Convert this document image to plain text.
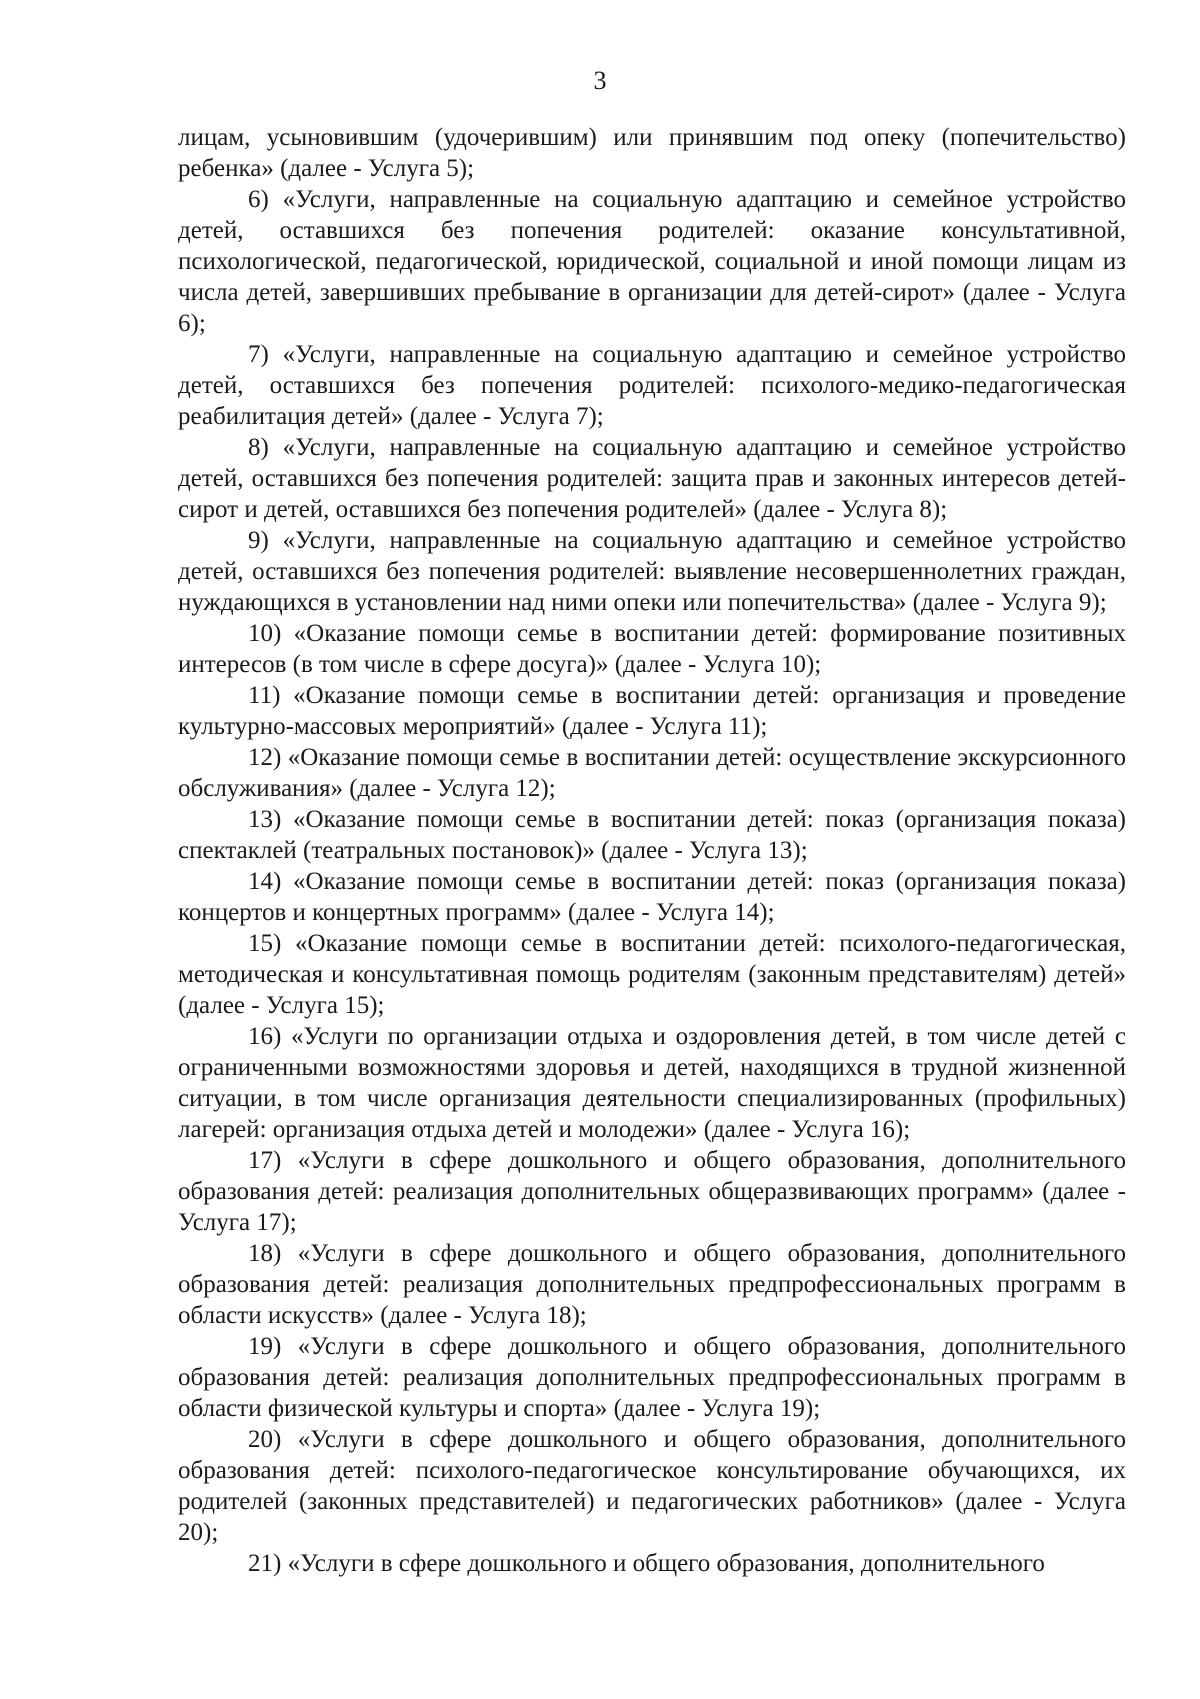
3

лицам, усыновившим (удочерившим) или принявшим под опеку (попечительство) ребенка» (далее - Услуга 5);

6) «Услуги, направленные на социальную адаптацию и семейное устройство детей, оставшихся без попечения родителей: оказание консультативной, психологической, педагогической, юридической, социальной и иной помощи лицам из числа детей, завершивших пребывание в организации для детей-сирот» (далее - Услуга 6);

7) «Услуги, направленные на социальную адаптацию и семейное устройство детей, оставшихся без попечения родителей: психолого-медико-педагогическая реабилитация детей» (далее - Услуга 7);

8) «Услуги, направленные на социальную адаптацию и семейное устройство детей, оставшихся без попечения родителей: защита прав и законных интересов детей-сирот и детей, оставшихся без попечения родителей» (далее - Услуга 8);

9) «Услуги, направленные на социальную адаптацию и семейное устройство детей, оставшихся без попечения родителей: выявление несовершеннолетних граждан, нуждающихся в установлении над ними опеки или попечительства» (далее - Услуга 9);

10) «Оказание помощи семье в воспитании детей: формирование позитивных интересов (в том числе в сфере досуга)» (далее - Услуга 10);

11) «Оказание помощи семье в воспитании детей: организация и проведение культурно-массовых мероприятий» (далее - Услуга 11);

12) «Оказание помощи семье в воспитании детей: осуществление экскурсионного обслуживания» (далее - Услуга 12);

13) «Оказание помощи семье в воспитании детей: показ (организация показа) спектаклей (театральных постановок)» (далее - Услуга 13);

14) «Оказание помощи семье в воспитании детей: показ (организация показа) концертов и концертных программ» (далее - Услуга 14);

15) «Оказание помощи семье в воспитании детей: психолого-педагогическая, методическая и консультативная помощь родителям (законным представителям) детей» (далее - Услуга 15);

16) «Услуги по организации отдыха и оздоровления детей, в том числе детей с ограниченными возможностями здоровья и детей, находящихся в трудной жизненной ситуации, в том числе организация деятельности специализированных (профильных) лагерей: организация отдыха детей и молодежи» (далее - Услуга 16);

17) «Услуги в сфере дошкольного и общего образования, дополнительного образования детей: реализация дополнительных общеразвивающих программ» (далее - Услуга 17);

18) «Услуги в сфере дошкольного и общего образования, дополнительного образования детей: реализация дополнительных предпрофессиональных программ в области искусств» (далее - Услуга 18);

19) «Услуги в сфере дошкольного и общего образования, дополнительного образования детей: реализация дополнительных предпрофессиональных программ в области физической культуры и спорта» (далее - Услуга 19);

20) «Услуги в сфере дошкольного и общего образования, дополнительного образования детей: психолого-педагогическое консультирование обучающихся, их родителей (законных представителей) и педагогических работников» (далее - Услуга 20);

21) «Услуги в сфере дошкольного и общего образования, дополнительного
